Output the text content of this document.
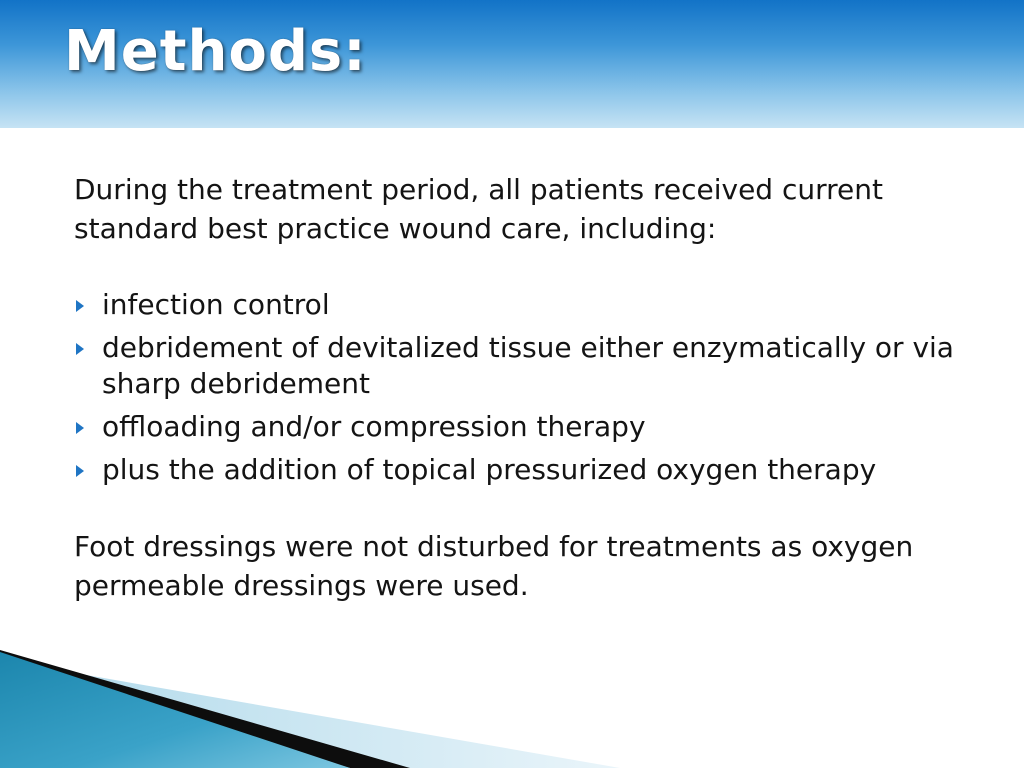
Methods:

During the treatment period, all patients received current standard best practice wound care, including:

infection control
debridement of devitalized tissue either enzymatically or via sharp debridement
offloading and/or compression therapy
plus the addition of topical pressurized oxygen therapy

Foot dressings were not disturbed for treatments as oxygen permeable dressings were used.
